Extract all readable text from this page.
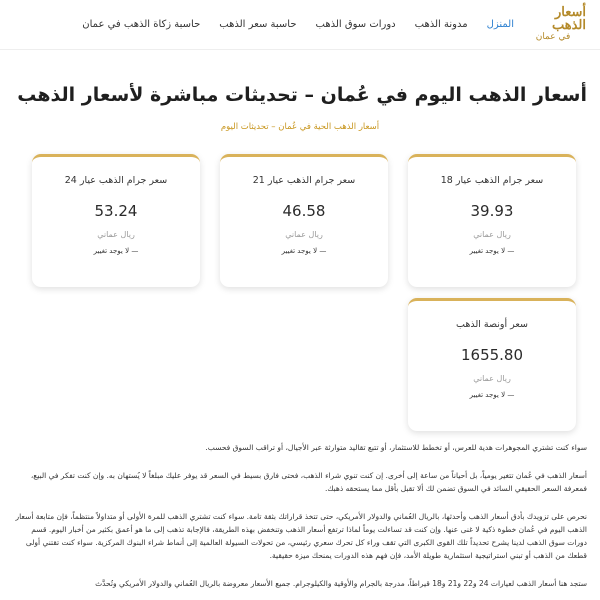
أسعار الذهب
في عمان
المنزل
مدونة الذهب
دورات سوق الذهب
حاسبة سعر الذهب
حاسبة زكاة الذهب في عمان
أسعار الذهب اليوم في عُمان – تحديثات مباشرة لأسعار الذهب
أسعار الذهب الحية في عُمان – تحديثات اليوم
سعر جرام الذهب عيار 18
39.93
ريال عماني
— لا يوجد تغيير
سعر جرام الذهب عيار 21
46.58
ريال عماني
— لا يوجد تغيير
سعر جرام الذهب عيار 24
53.24
ريال عماني
— لا يوجد تغيير
سعر أونصة الذهب
1655.80
ريال عماني
— لا يوجد تغيير

سواء كنت تشتري المجوهرات هدية للعرس، أو تخطط للاستثمار، أو تتبع تقاليد متوارثة عبر الأجيال، أو تراقب السوق فحسب.

أسعار الذهب في عُمان تتغير يومياً، بل أحياناً من ساعة إلى أخرى. إن كنت تنوي شراء الذهب، فحتى فارق بسيط في السعر قد يوفر عليك مبلغاً لا يُستهان به. وإن كنت تفكر في البيع، فمعرفة السعر الحقيقي السائد في السوق تضمن لك ألا تقبل بأقل مما يستحقه ذهبك.

نحرص على تزويدك بأدق أسعار الذهب وأحدثها، بالريال العُماني والدولار الأمريكي، حتى تتخذ قراراتك بثقة تامة. سواء كنت تشتري الذهب للمرة الأولى أو متداولاً منتظماً، فإن متابعة أسعار الذهب اليوم في عُمان خطوة ذكية لا غنى عنها. وإن كنت قد تساءلت يوماً لماذا ترتفع أسعار الذهب وتنخفض بهذه الطريقة، فالإجابة تذهب إلى ما هو أعمق بكثير من أخبار اليوم. قسم دورات سوق الذهب لدينا يشرح تحديداً تلك القوى الكبرى التي تقف وراء كل تحرك سعري رئيسي، من تحولات السيولة العالمية إلى أنماط شراء البنوك المركزية. سواء كنت تقتني أولى قطعك من الذهب أو تبني استراتيجية استثمارية طويلة الأمد، فإن فهم هذه الدورات يمنحك ميزة حقيقية.

ستجد هنا أسعار الذهب لعيارات 24 و22 و21 و18 قيراطاً، مدرجة بالجرام والأوقية والكيلوجرام. جميع الأسعار معروضة بالريال العُماني والدولار الأمريكي وتُحدَّث
